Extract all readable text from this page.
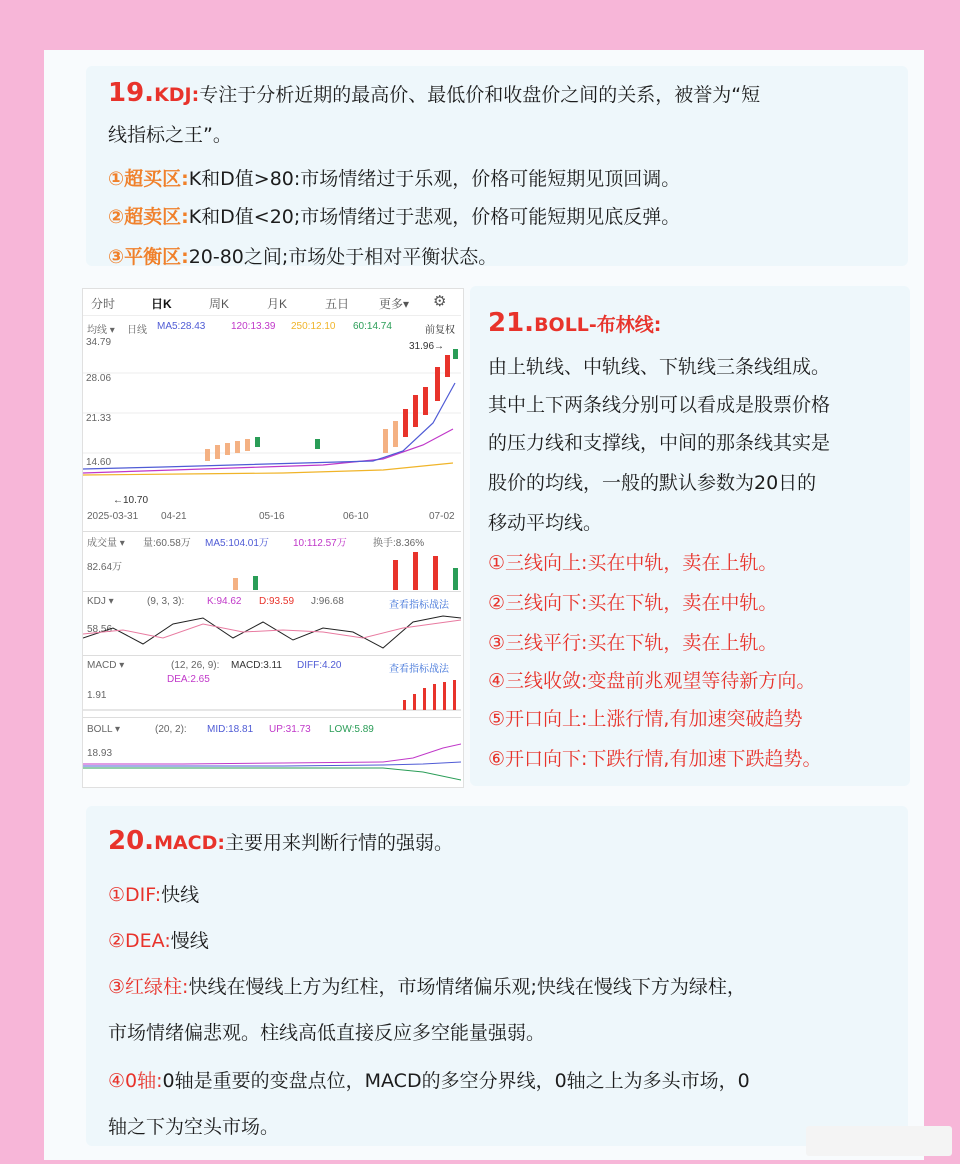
19.KDJ:专注于分析近期的最高价、最低价和收盘价之间的关系，被誉为“短
线指标之王”。
①超买区:K和D值>80:市场情绪过于乐观，价格可能短期见顶回调。
②超卖区:K和D值<20;市场情绪过于悲观，价格可能短期见底反弹。
③平衡区:20-80之间;市场处于相对平衡状态。
21.BOLL-布林线:
由上轨线、中轨线、下轨线三条线组成。
其中上下两条线分别可以看成是股票价格
的压力线和支撑线，中间的那条线其实是
股价的均线，一般的默认参数为20日的
移动平均线。
①三线向上:买在中轨，卖在上轨。
②三线向下:买在下轨，卖在中轨。
③三线平行:买在下轨，卖在上轨。
④三线收敛:变盘前兆观望等待新方向。
⑤开口向上:上涨行情,有加速突破趋势
⑥开口向下:下跌行情,有加速下跌趋势。
20.MACD:主要用来判断行情的强弱。
①DIF:快线
②DEA:慢线
③红绿柱:快线在慢线上方为红柱，市场情绪偏乐观;快线在慢线下方为绿柱，
市场情绪偏悲观。柱线高低直接反应多空能量强弱。
④0轴:0轴是重要的变盘点位，MACD的多空分界线，0轴之上为多头市场，0
轴之下为空头市场。
分时	日K	周K	月K	五日 更多▾ ⚙
均线 ▾ 日线 MA5:28.43	120:13.39 250:12.10 60:14.74	前复权
34.79
28.06
21.33
14.60
31.96→
←10.70
2025-03-31 04-21	05-16	06-10	07-02
成交量 ▾ 量:60.58万 MA5:104.01万 10:112.57万	换手:8.36%
82.64万
KDJ ▾	(9, 3, 3): K:94.62 D:93.59 J:96.68	查看指标战法
58.56
MACD ▾	(12, 26, 9): MACD:3.11 DIFF:4.20	查看指标战法
DEA:2.65
1.91
BOLL ▾	(20, 2): MID:18.81 UP:31.73 LOW:5.89
18.93
